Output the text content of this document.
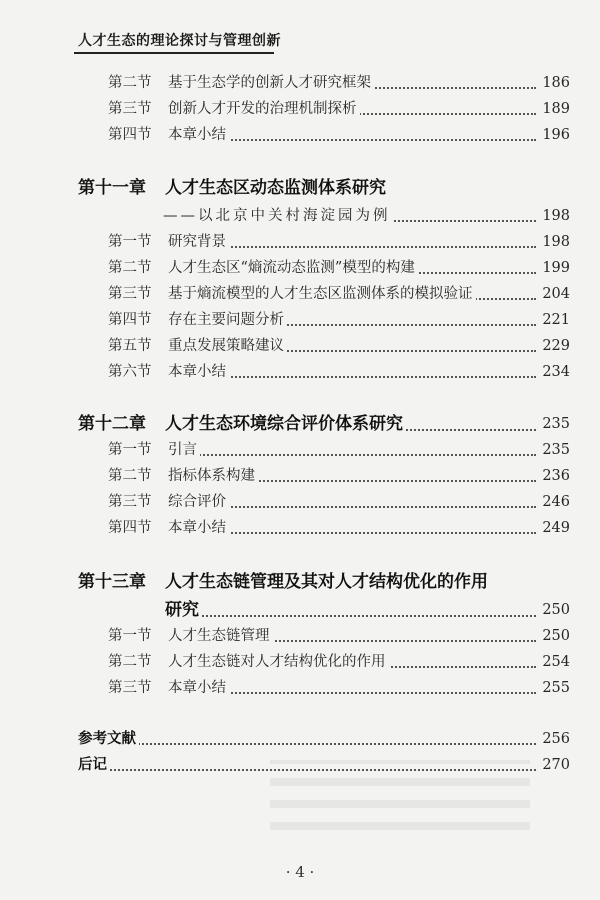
人才生态的理论探讨与管理创新
第二节 基于生态学的创新人才研究框架	186
第三节 创新人才开发的治理机制探析	189
第四节 本章小结	196
第十一章 人才生态区动态监测体系研究
——以北京中关村海淀园为例	198
第一节 研究背景	198
第二节 人才生态区“熵流动态监测”模型的构建	199
第三节 基于熵流模型的人才生态区监测体系的模拟验证	204
第四节 存在主要问题分析	221
第五节 重点发展策略建议	229
第六节 本章小结	234
第十二章 人才生态环境综合评价体系研究	235
第一节 引言	235
第二节 指标体系构建	236
第三节 综合评价	246
第四节 本章小结	249
第十三章 人才生态链管理及其对人才结构优化的作用
研究	250
第一节 人才生态链管理	250
第二节 人才生态链对人才结构优化的作用	254
第三节 本章小结	255
参考文献	256
后记	270
· 4 ·
